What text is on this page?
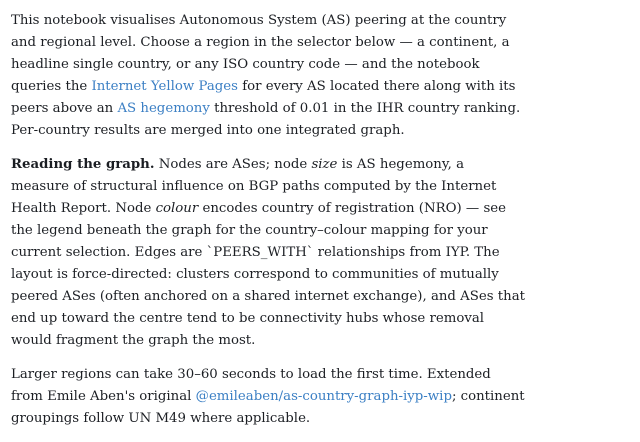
This notebook visualises Autonomous System (AS) peering at the country and regional level. Choose a region in the selector below — a continent, a headline single country, or any ISO country code — and the notebook queries the Internet Yellow Pages for every AS located there along with its peers above an AS hegemony threshold of 0.01 in the IHR country ranking. Per-country results are merged into one integrated graph.

Reading the graph. Nodes are ASes; node size is AS hegemony, a measure of structural influence on BGP paths computed by the Internet Health Report. Node colour encodes country of registration (NRO) — see the legend beneath the graph for the country–colour mapping for your current selection. Edges are `PEERS_WITH` relationships from IYP. The layout is force-directed: clusters correspond to communities of mutually peered ASes (often anchored on a shared internet exchange), and ASes that end up toward the centre tend to be connectivity hubs whose removal would fragment the graph the most.

Larger regions can take 30–60 seconds to load the first time. Extended from Emile Aben's original @emileaben/as-country-graph-iyp-wip; continent groupings follow UN M49 where applicable.
